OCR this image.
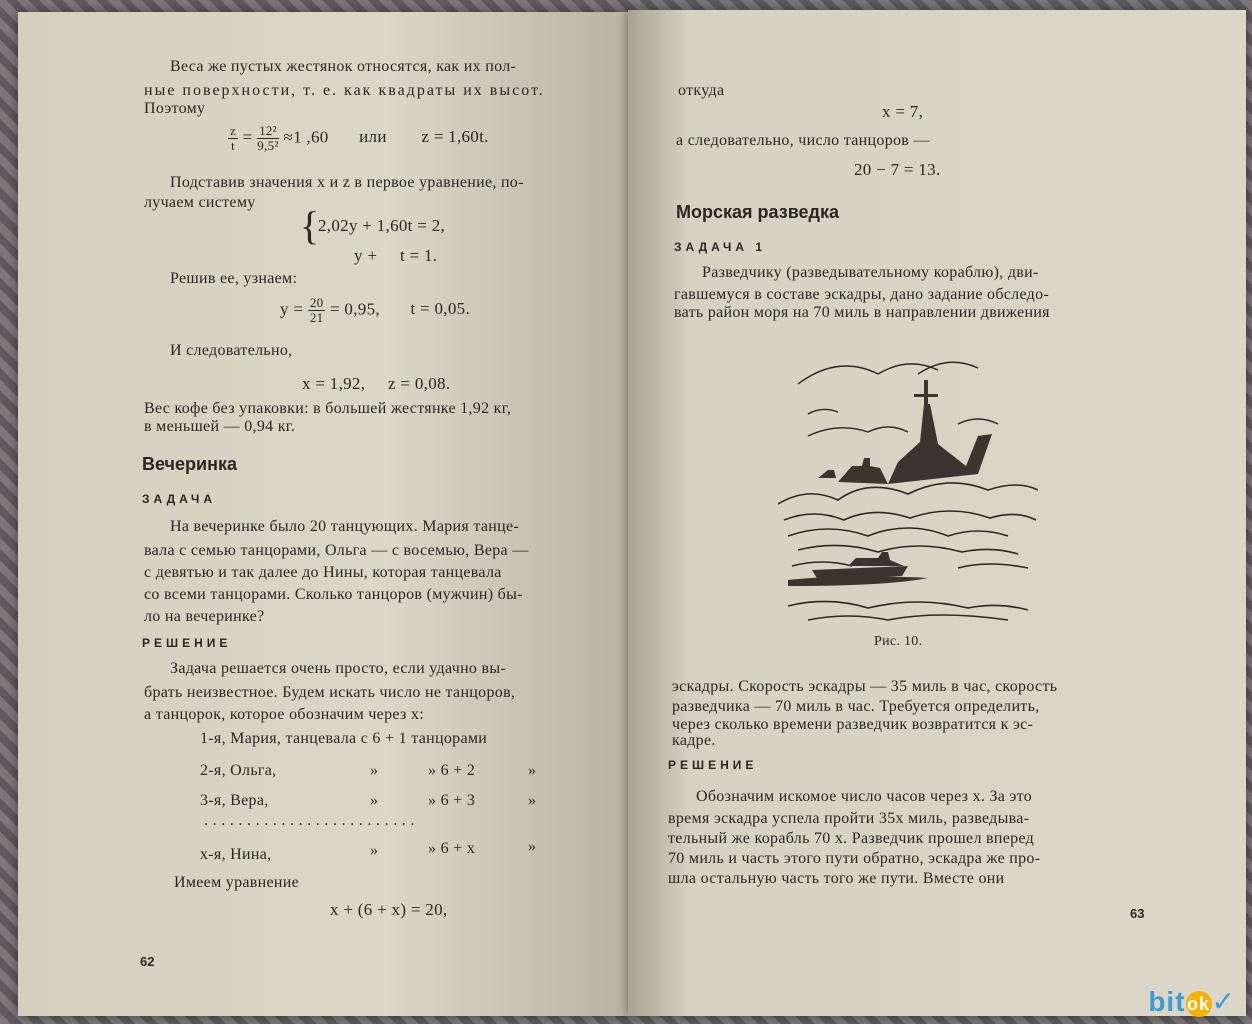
Веса же пустых жестянок относятся, как их пол-
ные поверхности, т. е. как квадраты их высот.
Поэтому
$\frac{z}{t} = \frac{\text{12²}}{\text{9,5²}} \approx 1$ ,60 или z = 1,60t.
Подставив значения x и z в первое уравнение, по-
лучаем систему
{
2,02y + 1,60t = 2,
y +     t = 1.
Решив ее, узнаем:
$y = \frac{20}{21} = 0,95$, t = 0,05.
И следовательно,
x = 1,92,     z = 0,08.
Вес кофе без упаковки: в большей жестянке 1,92 кг,
в меньшей — 0,94 кг.
Вечеринка
ЗАДАЧА
На вечеринке было 20 танцующих. Мария танце-
вала с семью танцорами, Ольга — с восемью, Вера —
с девятью и так далее до Нины, которая танцевала
со всеми танцорами. Сколько танцоров (мужчин) бы-
ло на вечеринке?
РЕШЕНИЕ
Задача решается очень просто, если удачно вы-
брать неизвестное. Будем искать число не танцоров,
а танцорок, которое обозначим через x:
1-я, Мария, танцевала с 6 + 1 танцорами
2-я, Ольга,	»	» 6 + 2	»
3-я, Вера,	»	» 6 + 3	»
. . . . . . . . . . . . . . . . . . . . . . . . .
x-я, Нина,	»	» 6 + x	»
Имеем уравнение
x + (6 + x) = 20,
62
откуда
x = 7,
а следовательно, число танцоров —
20 − 7 = 13.
Морская разведка
ЗАДАЧА 1
Разведчику (разведывательному кораблю), дви-
гавшемуся в составе эскадры, дано задание обследо-
вать район моря на 70 миль в направлении движения
Рис. 10.
эскадры. Скорость эскадры — 35 миль в час, скорость
разведчика — 70 миль в час. Требуется определить,
через сколько времени разведчик возвратится к эс-
кадре.
РЕШЕНИЕ
Обозначим искомое число часов через x. За это
время эскадра успела пройти 35x миль, разведыва-
тельный же корабль 70 x. Разведчик прошел вперед
70 миль и часть этого пути обратно, эскадра же про-
шла остальную часть того же пути. Вместе они
63
bitok✓
